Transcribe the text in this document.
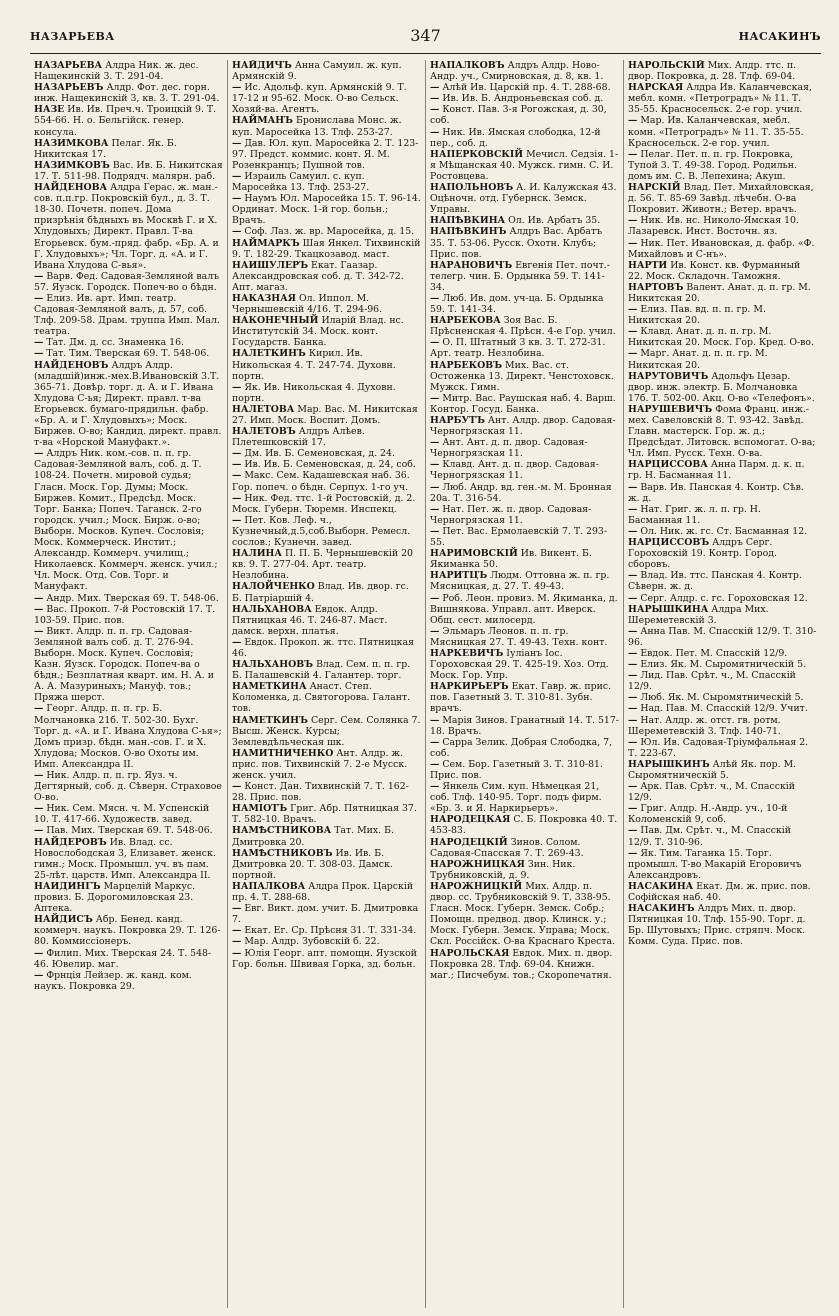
НАЗАРЬЕВА	347	НАСАКИНЪ

НАЗАРЬЕВА Алдра Ник. ж. дес. Нащекинскій 3. Т. 291-04.

НАЗАРЬЕВЪ Алдр. Фот. дес. горн. инж. Нащекинскій 3, кв. 3. Т. 291-04.

НАЗЕ Ив. Ив. Преч.ч. Троицкій 9. Т. 554-66. Н. о. Бельгійск. генер. консула.

НАЗИМКОВА Пелаг. Як. Б. Никитская 17.

НАЗИМКОВЪ Вас. Ив. Б. Никитская 17. Т. 511-98. Подрядч. малярн. раб.

НАЙДЕНОВА Алдра Герас. ж. ман.-сов. п.п.гр. Покровскій бул., д. 3. Т. 18-30. Почетн. попеч. Дома призрѣнія бѣдныхъ въ Москвѣ Г. и Х. Хлудовыхъ; Директ. Правл. Т-ва Егорьевск. бум.-пряд. фабр. «Бр. А. и Г. Хлудовыхъ»; Чл. Торг. д. «А. и Г. Ивана Хлудова С-вья».

— Варв. Фед. Садовая-Земляной валъ 57. Яузск. Городск. Попеч-во о бѣдн.

— Елиз. Ив. арт. Имп. театр. Садовая-Земляной валъ, д. 57, соб. Тлф. 209-58. Драм. труппа Имп. Мал. театра.

— Тат. Дм. д. сс. Знаменка 16.

— Тат. Тим. Тверская 69. Т. 548-06.

НАЙДЕНОВЪ Алдръ Алдр. (младшій)инж.-мех.В.Ивановскій 3.Т. 365-71. Довѣр. торг. д. А. и Г. Ивана Хлудова С-ья; Директ. правл. т-ва Егорьевск. бумаго-прядильн. фабр. «Бр. А. и Г. Хлудовыхъ»; Моск. Биржев. О-во; Кандид. директ. правл. т-ва «Норской Мануфакт.».

— Алдръ Ник. ком.-сов. п. п. гр. Садовая-Земляной валъ, соб. д. Т. 108-24. Почетн. мировой судья; Гласн. Моск. Гор. Думы; Моск. Биржев. Комит., Предсѣд. Моск. Торг. Банка; Попеч. Таганск. 2-го городск. учил.; Моск. Бирж. о-во; Выборн. Москов. Купеч. Сословія; Моск. Коммерческ. Инстит.; Александр. Коммерч. училищ.; Николаевск. Коммерч. женск. учил.; Чл. Моск. Отд. Сов. Торг. и Мануфакт.

— Андр. Мих. Тверская 69. Т. 548-06.

— Вас. Прокоп. 7-й Ростовскій 17. Т. 103-59. Прис. пов.

— Викт. Алдр. п. п. гр. Садовая-Земляной валъ соб. д. Т. 276-94. Выборн. Моск. Купеч. Сословія; Казн. Яузск. Городск. Попеч-ва о бѣдн.; Безплатная кварт. им. Н. А. и А. А. Мазуриныхъ; Мануф. тов.; Пряжа шерст.

— Георг. Алдр. п. п. гр. Б. Молчановка 21б. Т. 502-30. Бухг. Торг. д. «А. и Г. Ивана Хлудова С-ья»; Домъ призр. бѣдн. ман.-сов. Г. и Х. Хлудова; Москов. О-во Охоты им. Имп. Александра II.

— Ник. Алдр. п. п. гр. Яуз. ч. Дегтярный, соб. д. Сѣверн. Страховое О-во.

— Ник. Сем. Мясн. ч. М. Успенскій 10. Т. 417-66. Художеств. завед.

— Пав. Мих. Тверская 69. Т. 548-06.

НАЙДЕРОВЪ Ив. Влад. сс. Новослободская 3, Елизавет. женск. гимн.; Моск. Промышл. уч. въ пам. 25-лѣт. царств. Имп. Александра II.

НАИДИНГЪ Марцелій Маркус. провиз. Б. Дорогомиловская 23. Аптека.

НАЙДИСЪ Абр. Бенед. канд. коммерч. наукъ. Покровка 29. Т. 126-80. Коммиссіонеръ.

— Филип. Мих. Тверская 24. Т. 548-46. Ювелир. маг.

— Фрнція Лейзер. ж. канд. ком. наукъ. Покровка 29.

НАЙДИЧЪ Анна Самуил. ж. куп. Армянскій 9.

— Ис. Адольф. куп. Армянскій 9. Т. 17-12 и 95-62. Моск. О-во Сельск. Хозяй-ва. Агентъ.

НАЙМАНЪ Бронислава Монс. ж. куп. Маросейка 13. Тлф. 253-27.

— Дав. Юл. куп. Маросейка 2. Т. 123-97. Предст. коммис. конт. Я. М. Розенкранцъ; Пушной тов.

— Израиль Самуил. с. куп. Маросейка 13. Тлф. 253-27.

— Наумъ Юл. Маросейка 15. Т. 96-14. Ординат. Моск. 1-й гор. больн.; Врачъ.

— Соф. Лаз. ж. вр. Маросейка, д. 15.

НАЙМАРКЪ Шая Янкел. Тихвинскій 9. Т. 182-29. Ткацкозавод. маст.

НАИШУЛЕРЪ Екат. Гаазар. Александровская соб. д. Т. 342-72. Апт. магаз.

НАКАЗНАЯ Ол. Иппол. М. Чернышевскій 4/16. Т. 294-96.

НАКОНЕЧНЫЙ Иларій Влад. нс. Институтскій 34. Моск. конт. Государств. Банка.

НАЛЕТКИНЪ Кирил. Ив. Никольская 4. Т. 247-74. Духовн. портн.

— Як. Ив. Никольская 4. Духовн. портн.

НАЛЕТОВА Мар. Вас. М. Никитская 27. Имп. Моск. Воспит. Домъ.

НАЛЕТОВЪ Алдръ Алѣев. Плетешковскій 17.

— Дм. Ив. Б. Семеновская, д. 24.

— Ив. Ив. Б. Семеновская, д. 24, соб.

— Макс. Сем. Кадашевская наб. 36. Гор. попеч. о бѣдн. Серпух. 1-го уч.

— Ник. Фед. ттс. 1-й Ростовскій, д. 2. Моск. Губерн. Тюремн. Инспекц.

— Пет. Ков. Леф. ч., Кузнечный,д.5,соб.Выборн. Ремесл. сослов.; Кузнечн. завед.

НАЛИНА П. П. Б. Чернышевскій 20 кв. 9. Т. 277-04. Арт. театр. Незлобина.

НАЛОЙЧЕНКО Влад. Ив. двор. гс. Б. Патріаршій 4.

НАЛЬХАНОВА Евдок. Алдр. Пятницкая 46. Т. 246-87. Маст. дамск. верхн. платья.

— Евдок. Прокоп. ж. ттс. Пятницкая 46.

НАЛЬХАНОВЪ Влад. Сем. п. п. гр. Б. Палашевскій 4. Галантер. торг.

НАМЕТКИНА Анаст. Степ. Коломенка, д. Святогорова. Галант. тов.

НАМЕТКИНЪ Серг. Сем. Солянка 7. Высш. Женск. Курсы; Землевдѣльческая шк.

НАМИТНИЧЕНКО Ант. Алдр. ж. прис. пов. Тихвинскій 7. 2-е Мусск. женск. учил.

— Конст. Дан. Тихвинскій 7. Т. 162-28. Прис. пов.

НАМІОТЪ Григ. Абр. Пятницкая 37. Т. 582-10. Врачъ.

НАМѢСТНИКОВА Тат. Мих. Б. Дмитровка 20.

НАМѢСТНИКОВЪ Ив. Ив. Б. Дмитровка 20. Т. 308-03. Дамск. портной.

НАПАЛКОВА Алдра Прок. Царскій пр. 4. Т. 288-68.

— Евг. Викт. дом. учит. Б. Дмитровка 7.

— Екат. Ег. Ср. Прѣсня 31. Т. 331-34.

— Мар. Алдр. Зубовскій б. 22.

— Юлія Георг. апт. помощн. Яузской Гор. больн. Швивая Горка, зд. больн.

НАПАЛКОВЪ Алдръ Алдр. Ново-Андр. уч., Смирновская, д. 8, кв. 1.

— Алѣй Ив. Царскій пр. 4. Т. 288-68.

— Ив. Ив. Б. Андроньевская соб. д.

— Конст. Пав. 3-я Рогожская, д. 30, соб.

— Ник. Ив. Ямская слободка, 12-й пер., соб. д.

НАПЕРКОВСКІЙ Мечисл. Седзія. 1-я Мѣщанская 40. Мужск. гимн. С. И. Ростовцева.

НАПОЛЬНОВЪ А. И. Калужская 43. Оцѣночн. отд. Губернск. Земск. Управы.

НАПѢВКИНА Ол. Ив. Арбатъ 35.

НАПѢВКИНЪ Алдръ Вас. Арбатъ 35. Т. 53-06. Русск. Охотн. Клубъ; Прис. пов.

НАРАНОВИЧЪ Евгенія Пет. почт.-телегр. чин. Б. Ордынка 59. Т. 141-34.

— Люб. Ив. дом. уч-ца. Б. Ордынка 59. Т. 141-34.

НАРБЕКОВА Зоя Вас. Б. Прѣсненская 4. Прѣсн. 4-е Гор. учил.

— О. П. Штатный 3 кв. 3. Т. 272-31. Арт. театр. Незлобина.

НАРБЕКОВЪ Мих. Вас. ст. Остоженка 13. Директ. Ченстоховск. Мужск. Гимн.

— Митр. Вас. Раушская наб. 4. Варш. Контор. Госуд. Банка.

НАРБУТЪ Ант. Алдр. двор. Садовая-Черногрязская 11.

— Ант. Ант. д. п. двор. Садовая-Черногрязская 11.

— Клавд. Ант. д. п. двор. Садовая-Черногрязская 11.

— Люб. Андр. вд. ген.-м. М. Бронная 20а. Т. 316-54.

— Нат. Пет. ж. п. двор. Садовая-Черногрязская 11.

— Пет. Вас. Ермолаевскій 7. Т. 293-55.

НАРИМОВСКІЙ Ив. Викент. Б. Якиманка 50.

НАРИТЦЪ Людм. Оттовна ж. п. гр. Мясницкая, д. 27. Т. 49-43.

— Роб. Леон. провиз. М. Якиманка, д. Вишнякова. Управл. апт. Иверск. Общ. сест. милосерд.

— Эльмаръ Леонов. п. п. гр. Мясницкая 27. Т. 49-43. Техн. конт.

НАРКЕВИЧЪ Іуліанъ Іос. Гороховская 29. Т. 425-19. Хоз. Отд. Моск. Гор. Упр.

НАРКИРЬЕРЪ Екат. Гавр. ж. прис. пов. Газетный 3. Т. 310-81. Зубн. врачъ.

— Марія Зинов. Гранатный 14. Т. 517-18. Врачъ.

— Сарра Зелик. Добрая Слободка, 7, соб.

— Сем. Бор. Газетный 3. Т. 310-81. Прис. пов.

— Янкель Сим. куп. Нѣмецкая 21, соб. Тлф. 140-95. Торг. подъ фирм. «Бр. З. и Я. Наркирьеръ».

НАРОДЕЦКАЯ С. Б. Покровка 40. Т. 453-83.

НАРОДЕЦКІЙ Зинов. Солом. Садовая-Спасская 7. Т. 269-43.

НАРОЖНИЦКАЯ Зин. Ник. Трубниковскій, д. 9.

НАРОЖНИЦКІЙ Мих. Алдр. п. двор. сс. Трубниковскій 9. Т. 338-95. Гласн. Моск. Губерн. Земск. Собр.; Помощн. предвод. двор. Клинск. у.; Моск. Губерн. Земск. Управа; Моск. Скл. Россійск. О-ва Краснаго Креста.

НАРОЛЬСКАЯ Евдок. Мих. п. двор. Покровка 28. Тлф. 69-04. Книжн. маг.; Писчебум. тов.; Скоропечатня.

НАРОЛЬСКІЙ Мих. Алдр. ттс. п. двор. Покровка, д. 28. Тлф. 69-04.

НАРСКАЯ Алдра Ив. Каланчевская, мебл. комн. «Петроградъ» № 11. Т. 35-55. Красносельск. 2-е гор. учил.

— Мар. Ив. Каланчевская, мебл. комн. «Петроградъ» № 11. Т. 35-55. Красносельск. 2-е гор. учил.

— Пелаг. Пет. п. п. гр. Покровка, Тупой 3. Т. 49-38. Город. Родильн. домъ им. С. В. Лепехина; Акуш.

НАРСКІЙ Влад. Пет. Михайловская, д. 56. Т. 85-69 Завѣд. лѣчебн. О-ва Покровит. Животн.; Ветер. врачъ.

— Ник. Ив. нс. Николо-Ямская 10. Лазаревск. Инст. Восточн. яз.

— Ник. Пет. Ивановская, д. фабр. «Ф. Михайловъ и С-нъ».

НАРТИ Ив. Конст. кв. Фурманный 22. Моск. Складочн. Таможня.

НАРТОВЪ Валент. Анат. д. п. гр. М. Никитская 20.

— Елиз. Пав. вд. п. п. гр. М. Никитская 20.

— Клавд. Анат. д. п. п. гр. М. Никитская 20. Моск. Гор. Кред. О-во.

— Марг. Анат. д. п. п. гр. М. Никитская 20.

НАРУТОВИЧЪ Адольфъ Цезар. двор. инж. электр. Б. Молчановка 17б. Т. 502-00. Акц. О-во «Телефонъ».

НАРУШЕВИЧЪ Фома Франц. инж.-мех. Савеловскій 8. Т. 93-42. Завѣд. Главн. мастерск. Гор. ж. д.; Предсѣдат. Литовск. вспомогат. О-ва; Чл. Имп. Русск. Техн. О-ва.

НАРЦИССОВА Анна Парм. д. к. п. гр. Н. Басманная 11.

— Варв. Ив. Панская 4. Контр. Сѣв. ж. д.

— Нат. Григ. ж. л. п. гр. Н. Басманная 11.

— Ол. Ник. ж. гс. Ст. Басманная 12.

НАРЦИССОВЪ Алдръ Серг. Гороховскій 19. Контр. Город. сборовъ.

— Влад. Ив. ттс. Панская 4. Контр. Сѣверн. ж. д.

— Серг. Алдр. с. гс. Гороховская 12.

НАРЫШКИНА Алдра Мих. Шереметевскій 3.

— Анна Пав. М. Спасскій 12/9. Т. 310-96.

— Евдок. Пет. М. Спасскій 12/9.

— Елиз. Як. М. Сыромятническій 5.

— Лид. Пав. Срѣт. ч., М. Спасскій 12/9.

— Люб. Як. М. Сыромятническій 5.

— Над. Пав. М. Спасскій 12/9. Учит.

— Нат. Алдр. ж. отст. гв. ротм. Шереметевскій 3. Тлф. 140-71.

— Юл. Ив. Садовая-Тріумфальная 2. Т. 223-67.

НАРЫШКИНЪ Алѣй Як. пор. М. Сыромятническій 5.

— Арк. Пав. Срѣт. ч., М. Спасскій 12/9.

— Григ. Алдр. Н.-Андр. уч., 10-й Коломенскій 9, соб.

— Пав. Дм. Срѣт. ч., М. Спасскій 12/9. Т. 310-96.

— Як. Тим. Таганка 15. Торг. промышл. Т-во Макарій Егоровичъ Александровъ.

НАСАКИНА Екат. Дм. ж. прис. пов. Софійская наб. 40.

НАСАКИНЪ Алдръ Мих. п. двор. Пятницкая 10. Тлф. 155-90. Торг. д. Бр. Шутовыхъ; Прис. стряпч. Моск. Комм. Суда. Прис. пов.
